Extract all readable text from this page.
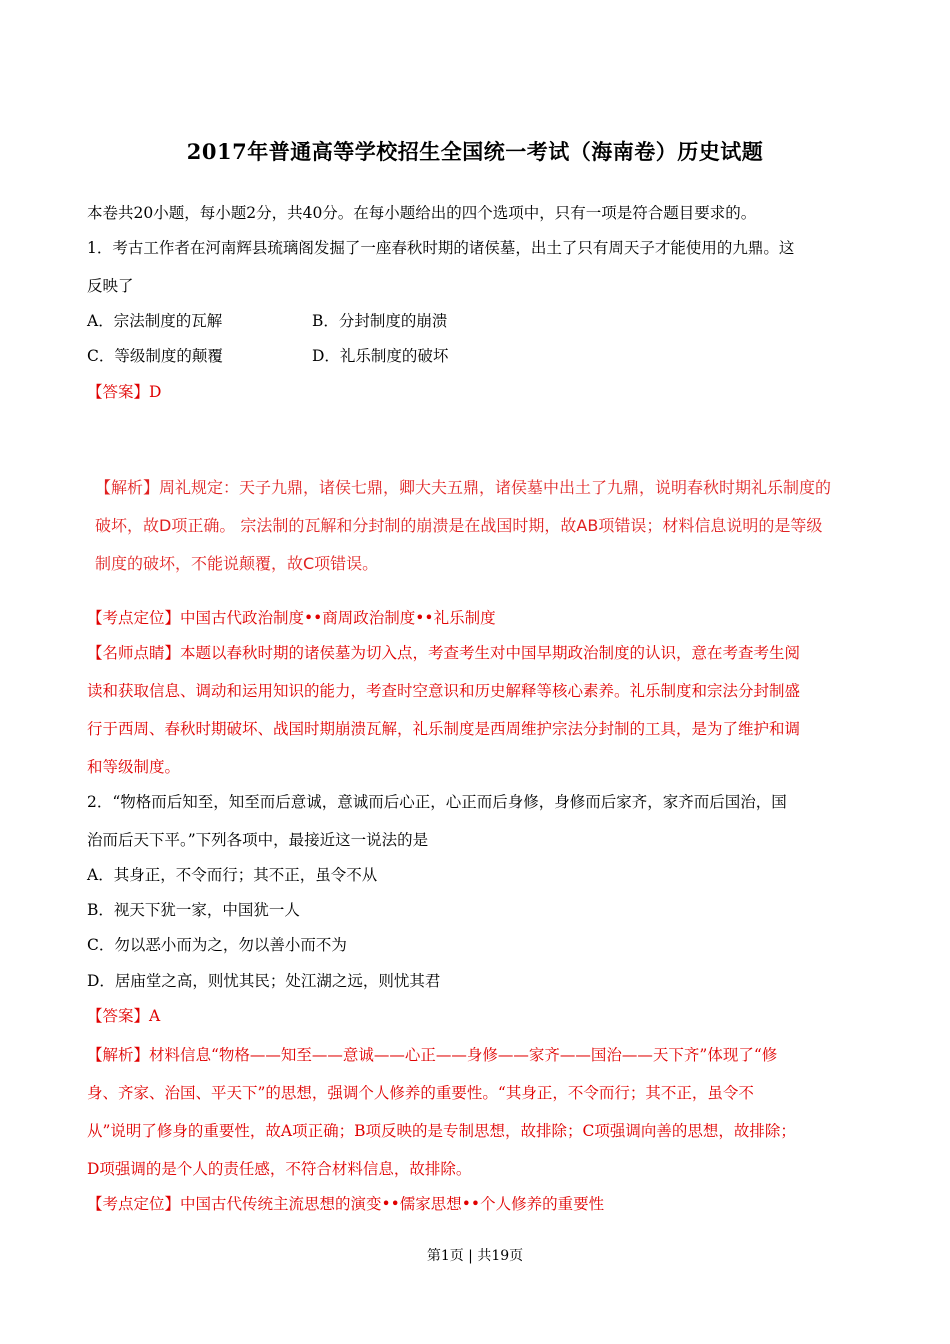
2017年普通高等学校招生全国统一考试（海南卷）历史试题
本卷共20小题，每小题2分，共40分。在每小题给出的四个选项中，只有一项是符合题目要求的。
1．考古工作者在河南辉县琉璃阁发掘了一座春秋时期的诸侯墓，出土了只有周天子才能使用的九鼎。这
反映了
A．宗法制度的瓦解	B．分封制度的崩溃
C．等级制度的颠覆	D．礼乐制度的破坏
【答案】D
【解析】周礼规定：天子九鼎，诸侯七鼎，卿大夫五鼎，诸侯墓中出土了九鼎，说明春秋时期礼乐制度的
破坏，故D项正确。 宗法制的瓦解和分封制的崩溃是在战国时期，故AB项错误；材料信息说明的是等级
制度的破坏，不能说颠覆，故C项错误。
【考点定位】中国古代政治制度••商周政治制度••礼乐制度
【名师点睛】本题以春秋时期的诸侯墓为切入点，考查考生对中国早期政治制度的认识，意在考查考生阅
读和获取信息、调动和运用知识的能力，考查时空意识和历史解释等核心素养。礼乐制度和宗法分封制盛
行于西周、春秋时期破坏、战国时期崩溃瓦解，礼乐制度是西周维护宗法分封制的工具，是为了维护和调
和等级制度。
2．“物格而后知至，知至而后意诚，意诚而后心正，心正而后身修，身修而后家齐，家齐而后国治，国
治而后天下平。”下列各项中，最接近这一说法的是
A．其身正，不令而行；其不正，虽令不从
B．视天下犹一家，中国犹一人
C．勿以恶小而为之，勿以善小而不为
D．居庙堂之高，则忧其民；处江湖之远，则忧其君
【答案】A
【解析】材料信息“物格——知至——意诚——心正——身修——家齐——国治——天下齐”体现了“修
身、齐家、治国、平天下”的思想，强调个人修养的重要性。“其身正，不令而行；其不正，虽令不
从”说明了修身的重要性，故A项正确；B项反映的是专制思想，故排除；C项强调向善的思想，故排除；
D项强调的是个人的责任感，不符合材料信息，故排除。
【考点定位】中国古代传统主流思想的演变••儒家思想••个人修养的重要性
第1页 | 共19页
